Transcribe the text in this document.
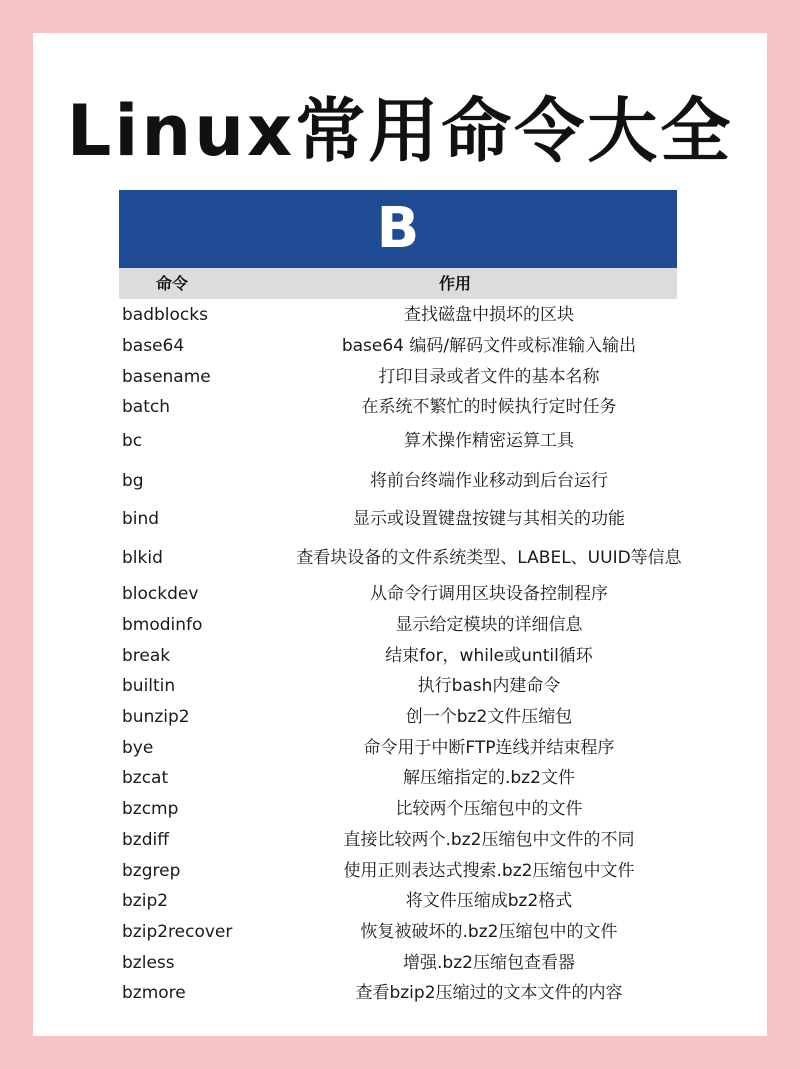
Linux常用命令大全
B
命令	作用
badblocks	查找磁盘中损坏的区块
base64	base64 编码/解码文件或标准输入输出
basename	打印目录或者文件的基本名称
batch	在系统不繁忙的时候执行定时任务
bc	算术操作精密运算工具
bg	将前台终端作业移动到后台运行
bind	显示或设置键盘按键与其相关的功能
blkid	查看块设备的文件系统类型、LABEL、UUID等信息
blockdev	从命令行调用区块设备控制程序
bmodinfo	显示给定模块的详细信息
break	结束for，while或until循环
builtin	执行bash内建命令
bunzip2	创一个bz2文件压缩包
bye	命令用于中断FTP连线并结束程序
bzcat	解压缩指定的.bz2文件
bzcmp	比较两个压缩包中的文件
bzdiff	直接比较两个.bz2压缩包中文件的不同
bzgrep	使用正则表达式搜索.bz2压缩包中文件
bzip2	将文件压缩成bz2格式
bzip2recover	恢复被破坏的.bz2压缩包中的文件
bzless	增强.bz2压缩包查看器
bzmore	查看bzip2压缩过的文本文件的内容
